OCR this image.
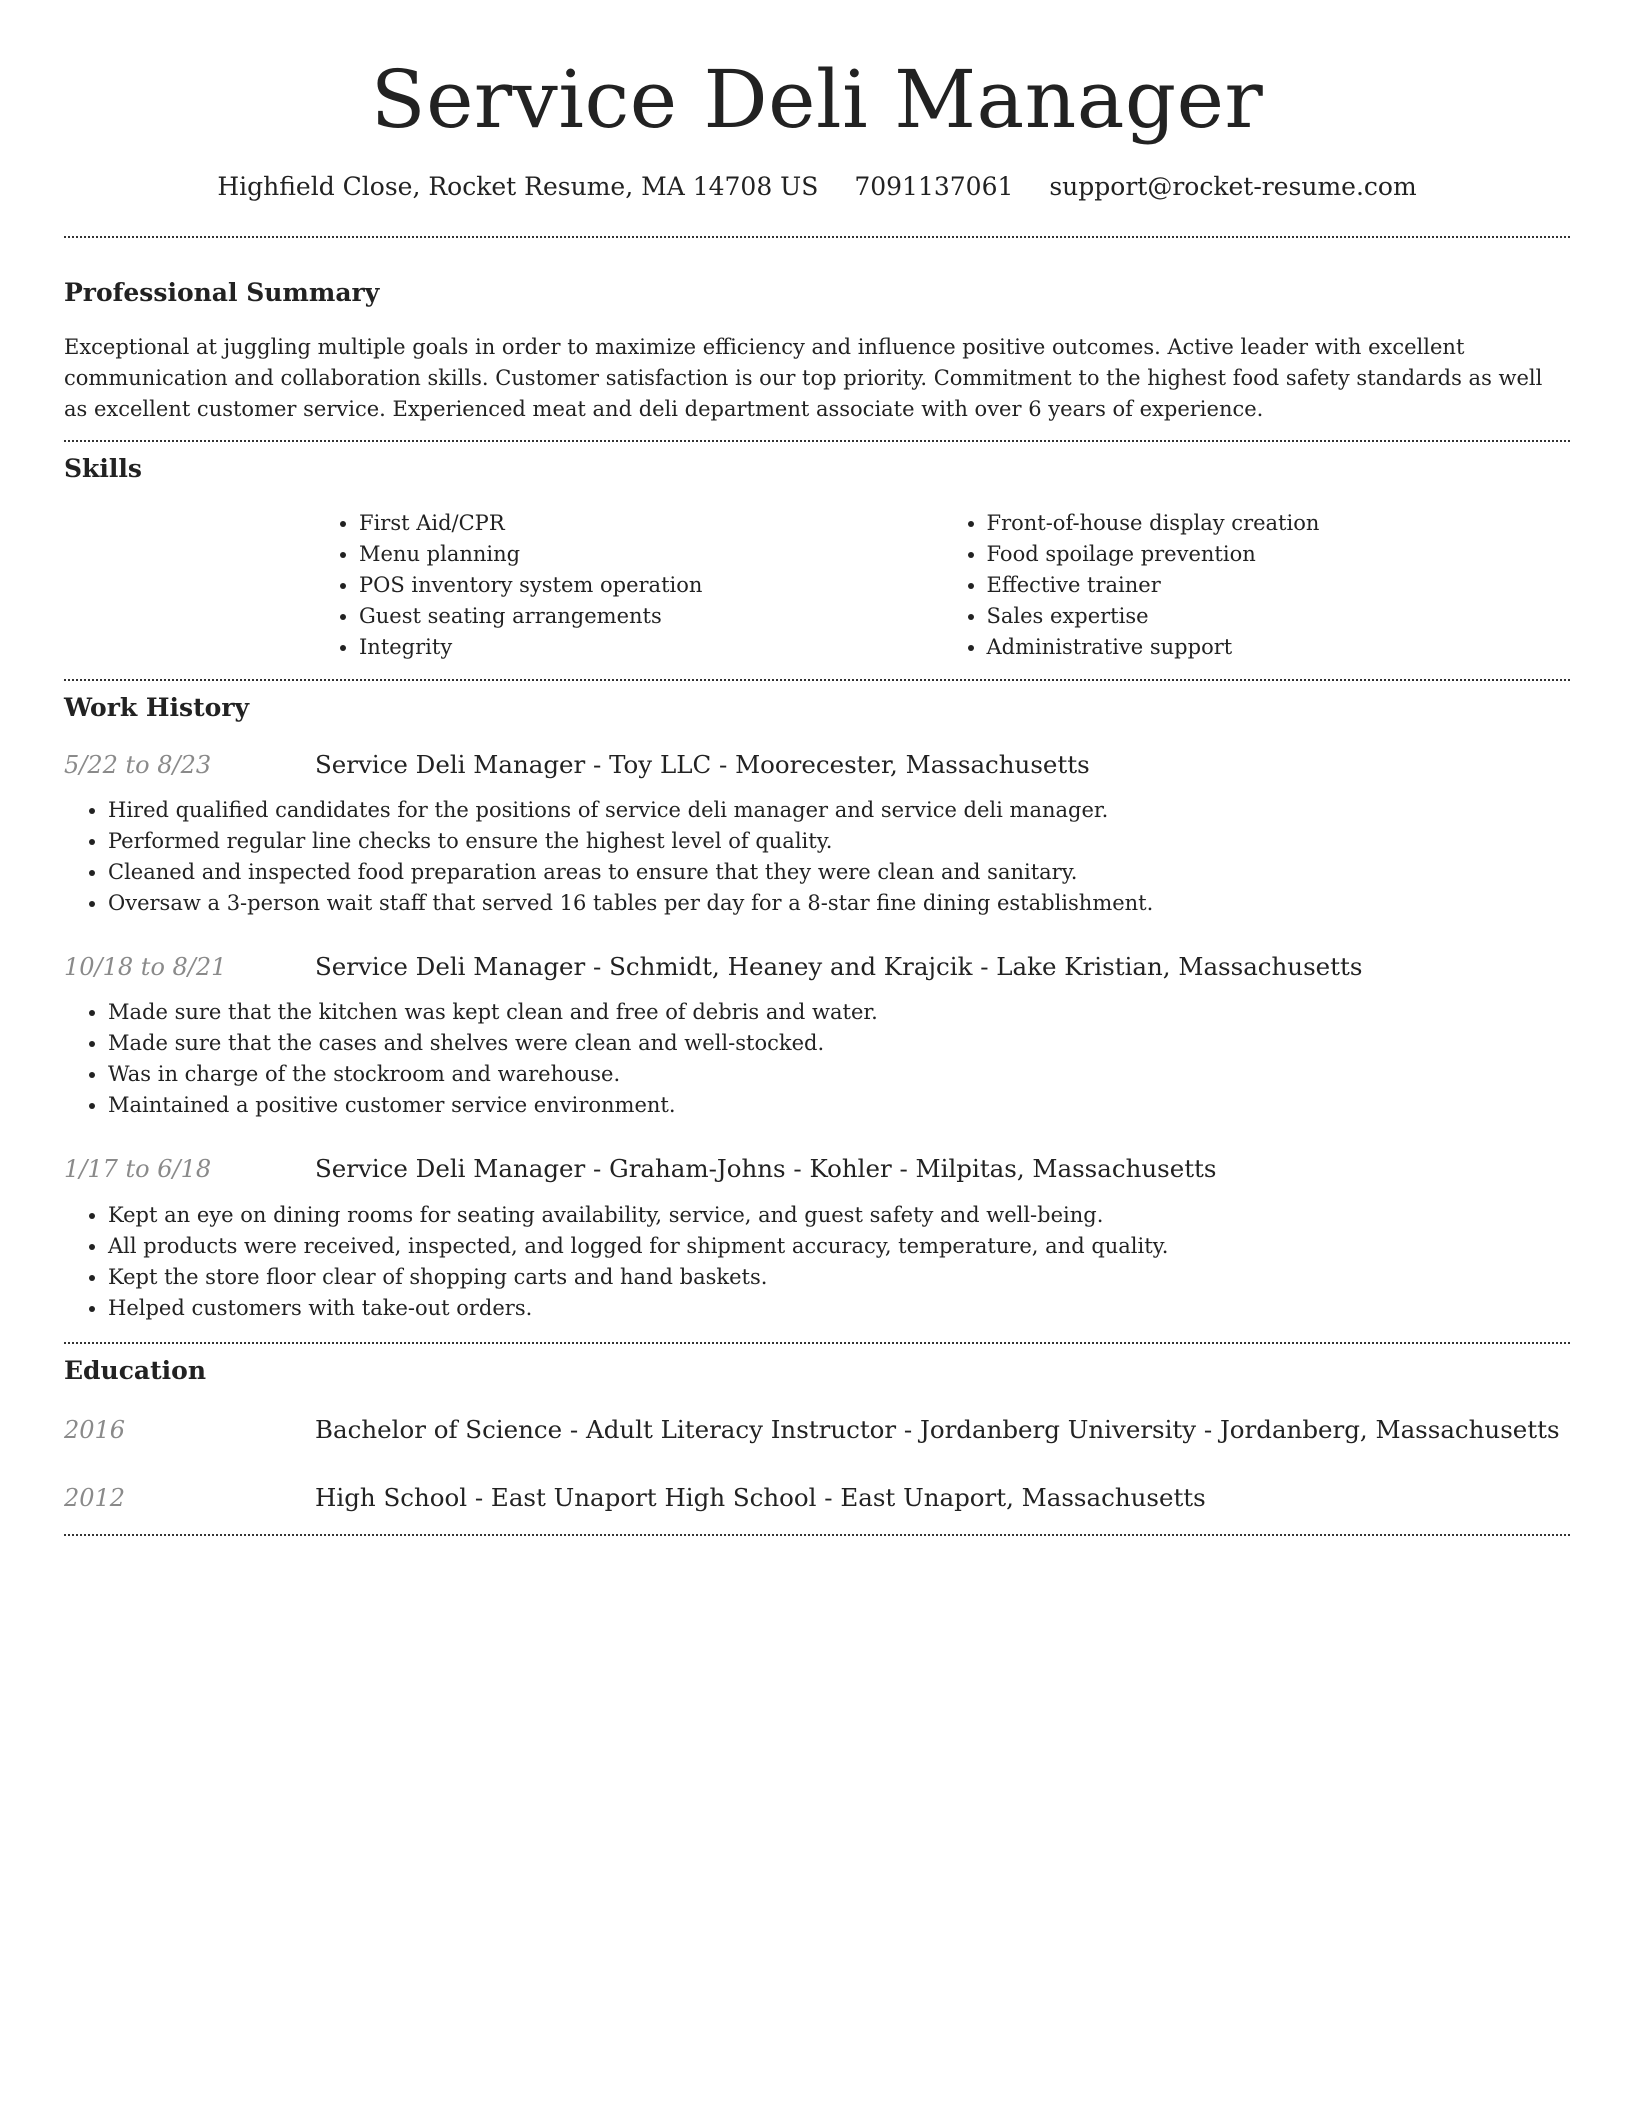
Service Deli Manager
Highfield Close, Rocket Resume, MA 14708 US 7091137061 support@rocket-resume.com
Professional Summary

Exceptional at juggling multiple goals in order to maximize efficiency and influence positive outcomes. Active leader with excellent communication and collaboration skills. Customer satisfaction is our top priority. Commitment to the highest food safety standards as well as excellent customer service. Experienced meat and deli department associate with over 6 years of experience.

Skills
• First Aid/CPR
• Menu planning
• POS inventory system operation
• Guest seating arrangements
• Integrity
• Front-of-house display creation
• Food spoilage prevention
• Effective trainer
• Sales expertise
• Administrative support
Work History
5/22 to 8/23	Service Deli Manager - Toy LLC - Moorecester, Massachusetts
• Hired qualified candidates for the positions of service deli manager and service deli manager.
• Performed regular line checks to ensure the highest level of quality.
• Cleaned and inspected food preparation areas to ensure that they were clean and sanitary.
• Oversaw a 3-person wait staff that served 16 tables per day for a 8-star fine dining establishment.
10/18 to 8/21	Service Deli Manager - Schmidt, Heaney and Krajcik - Lake Kristian, Massachusetts
• Made sure that the kitchen was kept clean and free of debris and water.
• Made sure that the cases and shelves were clean and well-stocked.
• Was in charge of the stockroom and warehouse.
• Maintained a positive customer service environment.
1/17 to 6/18	Service Deli Manager - Graham-Johns - Kohler - Milpitas, Massachusetts
• Kept an eye on dining rooms for seating availability, service, and guest safety and well-being.
• All products were received, inspected, and logged for shipment accuracy, temperature, and quality.
• Kept the store floor clear of shopping carts and hand baskets.
• Helped customers with take-out orders.
Education
2016	Bachelor of Science - Adult Literacy Instructor - Jordanberg University - Jordanberg, Massachusetts
2012	High School - East Unaport High School - East Unaport, Massachusetts
